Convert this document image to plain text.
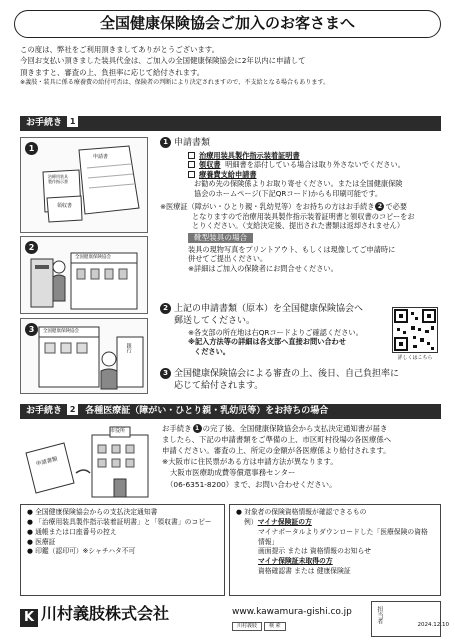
全国健康保険協会ご加入のお客さまへ
この度は、弊社をご利用頂きましてありがとうございます。
今回お支払い頂きました装具代金は、ご加入の全国健康保険協会に2年以内に申請して
頂きますと、審査の上、負担率に応じて給付されます。
※義肢・装具に係る療養費の給付可否は、保険者の判断により決定されますので、不支給となる場合もあります。
お手続き 1
1
申請書
治療用装具
製作指示書
領収書
2
全国健康保険協会
3	全国健康保険協会
銀行
1 申請書類
治療用装具製作指示装着証明書
領収書 明細書を添付している場合は取り外さないでください。
療養費支給申請書
お勧め先の保険係よりお取り寄せください。または全国健康保険
協会のホームページ(下記QRコード)からも印刷可能です。
※医療証（障がい・ひとり親・乳幼児等）をお持ちの方はお手続き 2 で必要
となりますので治療用装具製作指示装着証明書と領収書のコピーをお
とりください。（支給決定後、提出された書類は返却されません）
靴型装具の場合
装具の現物写真をプリントアウト、もしくは現像してご申請時に
併せてご提出ください。
※詳細はご加入の保険者にお問合せください。
2 上記の申請書類（原本）を全国健康保険協会へ
郵送してください。
※各支部の所在地は右QRコードよりご確認ください。
※記入方法等の詳細は各支部へ直接お問い合わせ
ください。
詳しくはこちら
3 全国健康保険協会による審査の上、後日、自己負担率に
応じて給付されます。
お手続き 2 各種医療証（障がい・ひとり親・乳幼児等）をお持ちの場合
申請書類
市役所	お手続き 1 の完了後、全国健康保険協会から支払決定通知書が届き
ましたら、下記の申請書類をご準備の上、市区町村役場の各医療係へ
申請ください。審査の上、所定の金額が各医療係より給付されます。
※大阪市に住民票がある方は申請方法が異なります。
大阪市医療助成費等償還事務センター
（06-6351-8200）まで、お問い合わせください。
● 全国健康保険協会からの支払決定通知書
● 「治療用装具製作指示装着証明書」と「領収書」のコピー
● 通帳または口座番号の控え
● 医療証
● 印鑑（認印可）※シャチハタ不可
● 対象者の保険資格情報が確認できるもの
例）マイナ保険証の方
マイナポータルよりダウンロードした「医療保険の資格情報」
画面提示 または 資格情報のお知らせ
マイナ保険証未取得の方
資格確認書 または 健康保険証
K 川村義肢株式会社	www.kawamura-gishi.co.jp
川村義肢 検 索
担当者
2024.12.10
